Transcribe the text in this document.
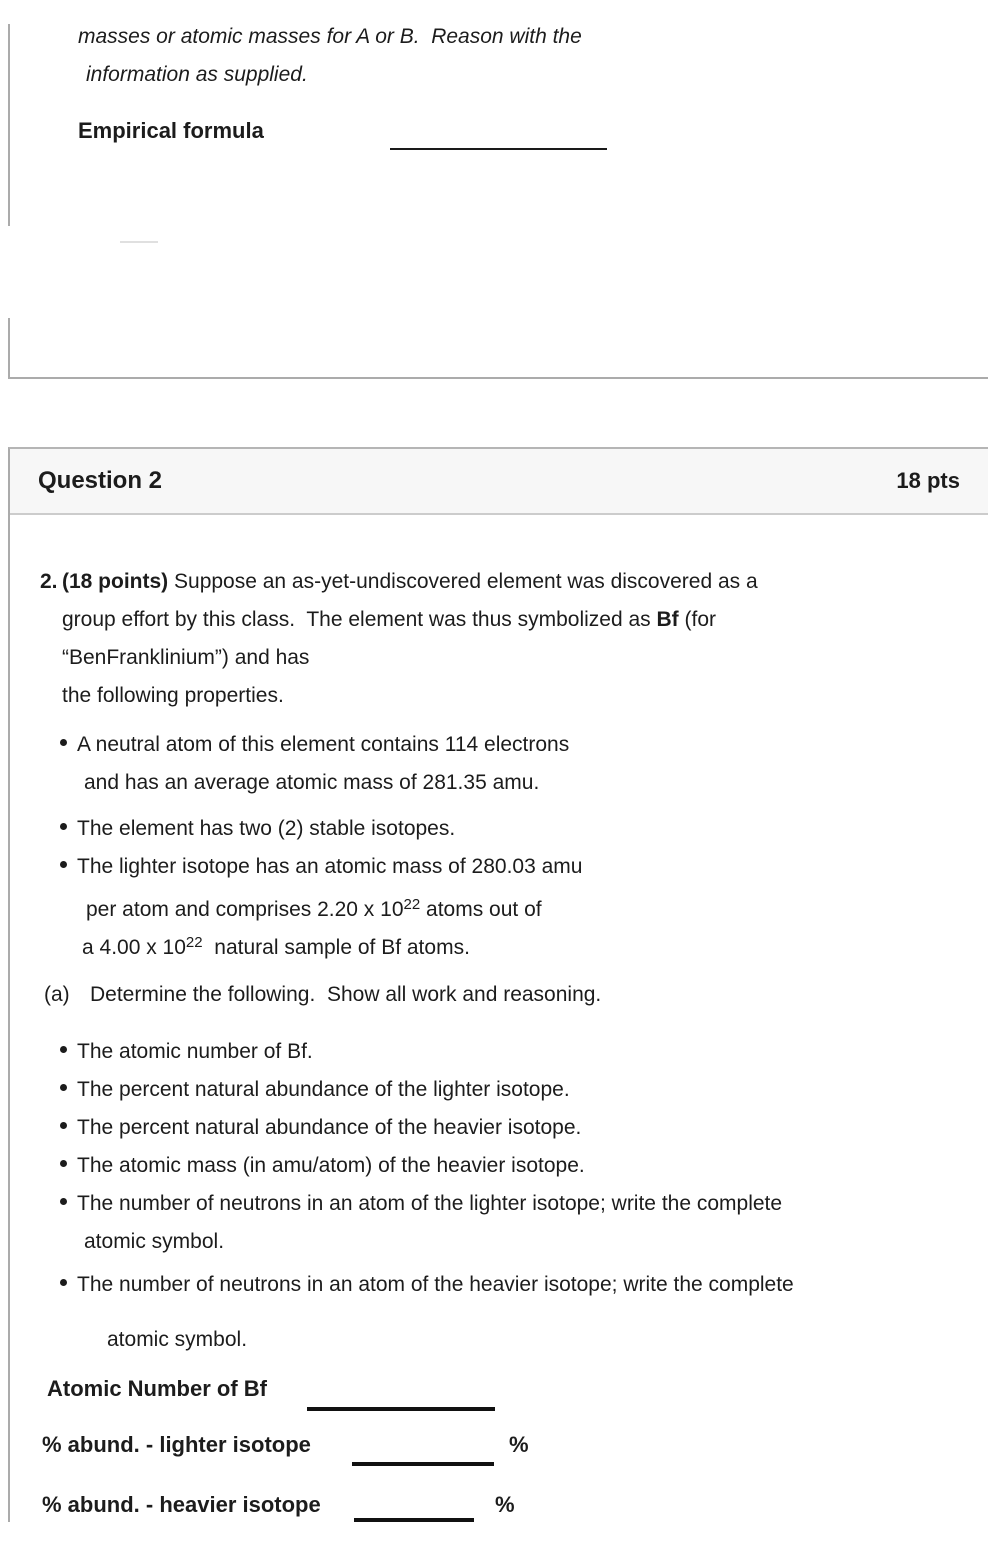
masses or atomic masses for A or B.  Reason with the
information as supplied.
Empirical formula
Question 2	18 pts
2. (18 points) Suppose an as-yet-undiscovered element was discovered as a
group effort by this class.  The element was thus symbolized as Bf (for
“BenFranklinium”) and has
the following properties.
A neutral atom of this element contains 114 electrons
and has an average atomic mass of 281.35 amu.
The element has two (2) stable isotopes.
The lighter isotope has an atomic mass of 280.03 amu
per atom and comprises 2.20 x $10^{22}$ atoms out of
a 4.00 x $10^{22}$  natural sample of Bf atoms.
(a) Determine the following.  Show all work and reasoning.
The atomic number of Bf.
The percent natural abundance of the lighter isotope.
The percent natural abundance of the heavier isotope.
The atomic mass (in amu/atom) of the heavier isotope.
The number of neutrons in an atom of the lighter isotope; write the complete
atomic symbol.
The number of neutrons in an atom of the heavier isotope; write the complete
atomic symbol.
Atomic Number of Bf
% abund. - lighter isotope	%
% abund. - heavier isotope	%
